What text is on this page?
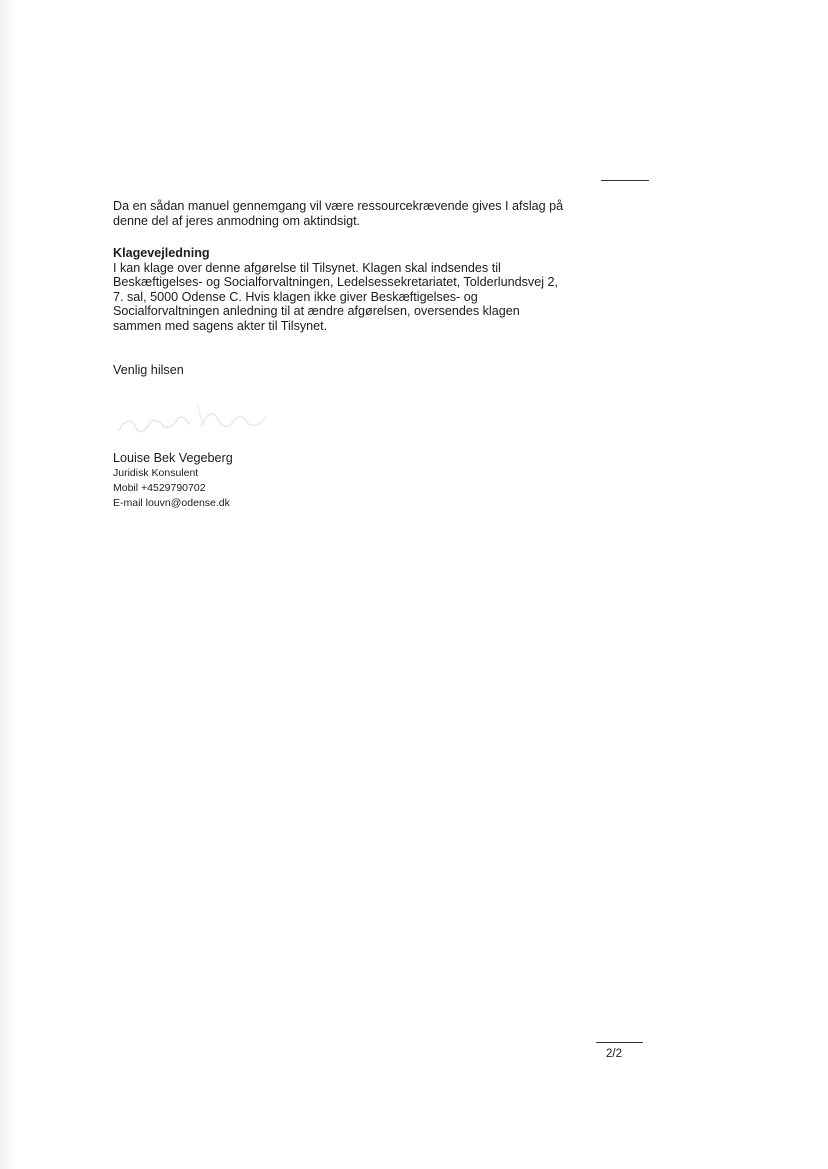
Da en sådan manuel gennemgang vil være ressourcekrævende gives I afslag på
denne del af jeres anmodning om aktindsigt.

Klagevejledning

I kan klage over denne afgørelse til Tilsynet. Klagen skal indsendes til
Beskæftigelses- og Socialforvaltningen, Ledelsessekretariatet, Tolderlundsvej 2,
7. sal, 5000 Odense C. Hvis klagen ikke giver Beskæftigelses- og
Socialforvaltningen anledning til at ændre afgørelsen, oversendes klagen
sammen med sagens akter til Tilsynet.

Venlig hilsen

Louise Bek Vegeberg

Juridisk Konsulent

Mobil +4529790702

E-mail louvn@odense.dk

2/2
